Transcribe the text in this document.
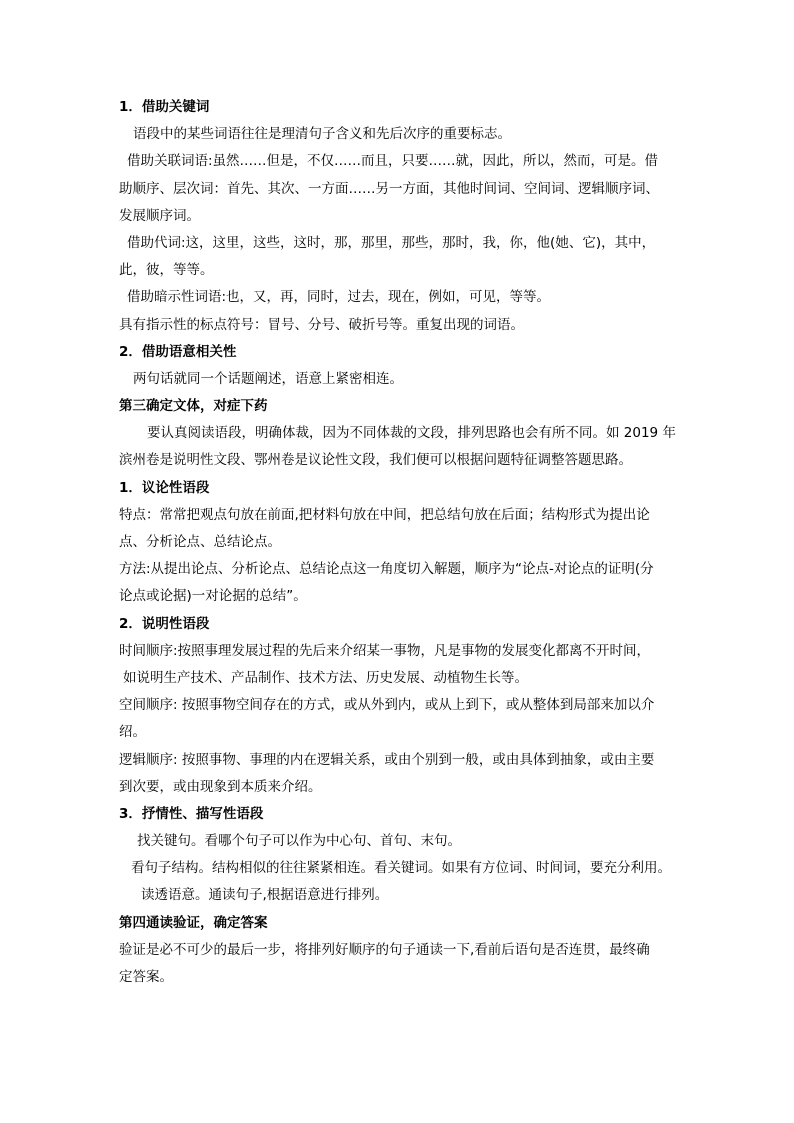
1．借助关键词
语段中的某些词语往往是理清句子含义和先后次序的重要标志。
借助关联词语:虽然……但是，不仅……而且，只要……就，因此，所以，然而，可是。借
助顺序、层次词：首先、其次、一方面……另一方面，其他时间词、空间词、逻辑顺序词、
发展顺序词。
借助代词:这，这里，这些，这时，那，那里，那些，那时，我，你，他(她、它)，其中，
此，彼，等等。
借助暗示性词语:也，又，再，同时，过去，现在，例如，可见，等等。
具有指示性的标点符号：冒号、分号、破折号等。重复出现的词语。
2．借助语意相关性
两句话就同一个话题阐述，语意上紧密相连。
第三确定文体，对症下药
要认真阅读语段，明确体裁，因为不同体裁的文段，排列思路也会有所不同。如 2019 年
滨州卷是说明性文段、鄂州卷是议论性文段，我们便可以根据问题特征调整答题思路。
1．议论性语段
特点：常常把观点句放在前面,把材料句放在中间，把总结句放在后面；结构形式为提出论
点、分析论点、总结论点。
方法:从提出论点、分析论点、总结论点这一角度切入解题，顺序为“论点-对论点的证明(分
论点或论据)一对论据的总结”。
2．说明性语段
时间顺序:按照事理发展过程的先后来介绍某一事物，凡是事物的发展变化都离不开时间，
如说明生产技术、产品制作、技术方法、历史发展、动植物生长等。
空间顺序: 按照事物空间存在的方式，或从外到内，或从上到下，或从整体到局部来加以介
绍。
逻辑顺序: 按照事物、事理的内在逻辑关系，或由个别到一般，或由具体到抽象，或由主要
到次要，或由现象到本质来介绍。
3．抒情性、描写性语段
找关键句。看哪个句子可以作为中心句、首句、末句。
看句子结构。结构相似的往往紧紧相连。看关键词。如果有方位词、时间词，要充分利用。
读透语意。通读句子,根据语意进行排列。
第四通读验证，确定答案
验证是必不可少的最后一步，将排列好顺序的句子通读一下,看前后语句是否连贯，最终确
定答案。
